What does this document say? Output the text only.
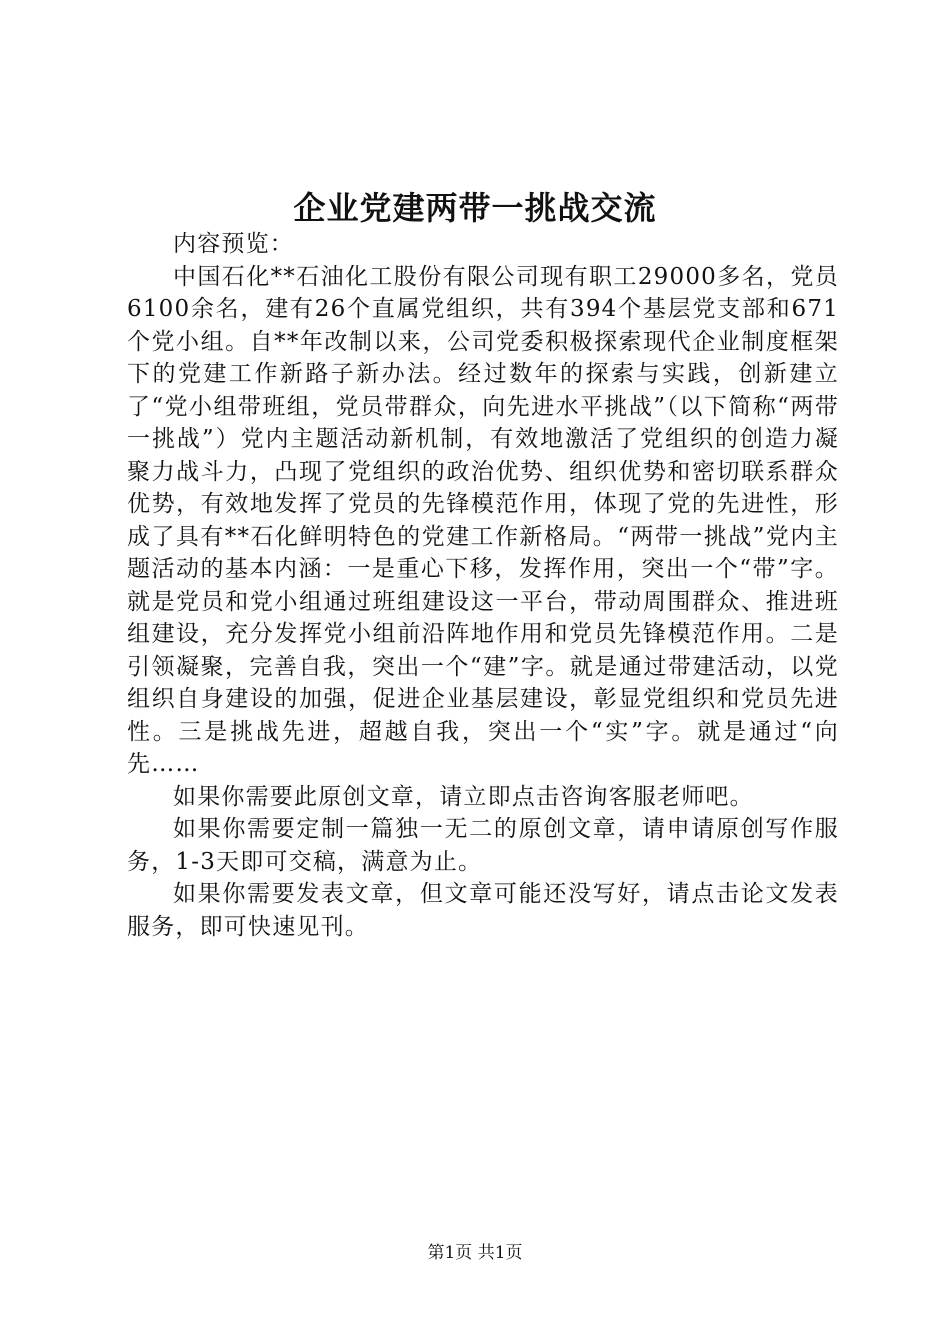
企业党建两带一挑战交流

内容预览：

中国石化**石油化工股份有限公司现有职工29000多名，党员6100余名，建有26个直属党组织，共有394个基层党支部和671个党小组。自**年改制以来，公司党委积极探索现代企业制度框架下的党建工作新路子新办法。经过数年的探索与实践，创新建立了“党小组带班组，党员带群众，向先进水平挑战”（以下简称“两带一挑战”）党内主题活动新机制，有效地激活了党组织的创造力凝聚力战斗力，凸现了党组织的政治优势、组织优势和密切联系群众优势，有效地发挥了党员的先锋模范作用，体现了党的先进性，形成了具有**石化鲜明特色的党建工作新格局。“两带一挑战”党内主题活动的基本内涵：一是重心下移，发挥作用，突出一个“带”字。就是党员和党小组通过班组建设这一平台，带动周围群众、推进班组建设，充分发挥党小组前沿阵地作用和党员先锋模范作用。二是引领凝聚，完善自我，突出一个“建”字。就是通过带建活动，以党组织自身建设的加强，促进企业基层建设，彰显党组织和党员先进性。三是挑战先进，超越自我，突出一个“实”字。就是通过“向先……

如果你需要此原创文章，请立即点击咨询客服老师吧。

如果你需要定制一篇独一无二的原创文章，请申请原创写作服务，1-3天即可交稿，满意为止。

如果你需要发表文章，但文章可能还没写好，请点击论文发表服务，即可快速见刊。

第1页 共1页
